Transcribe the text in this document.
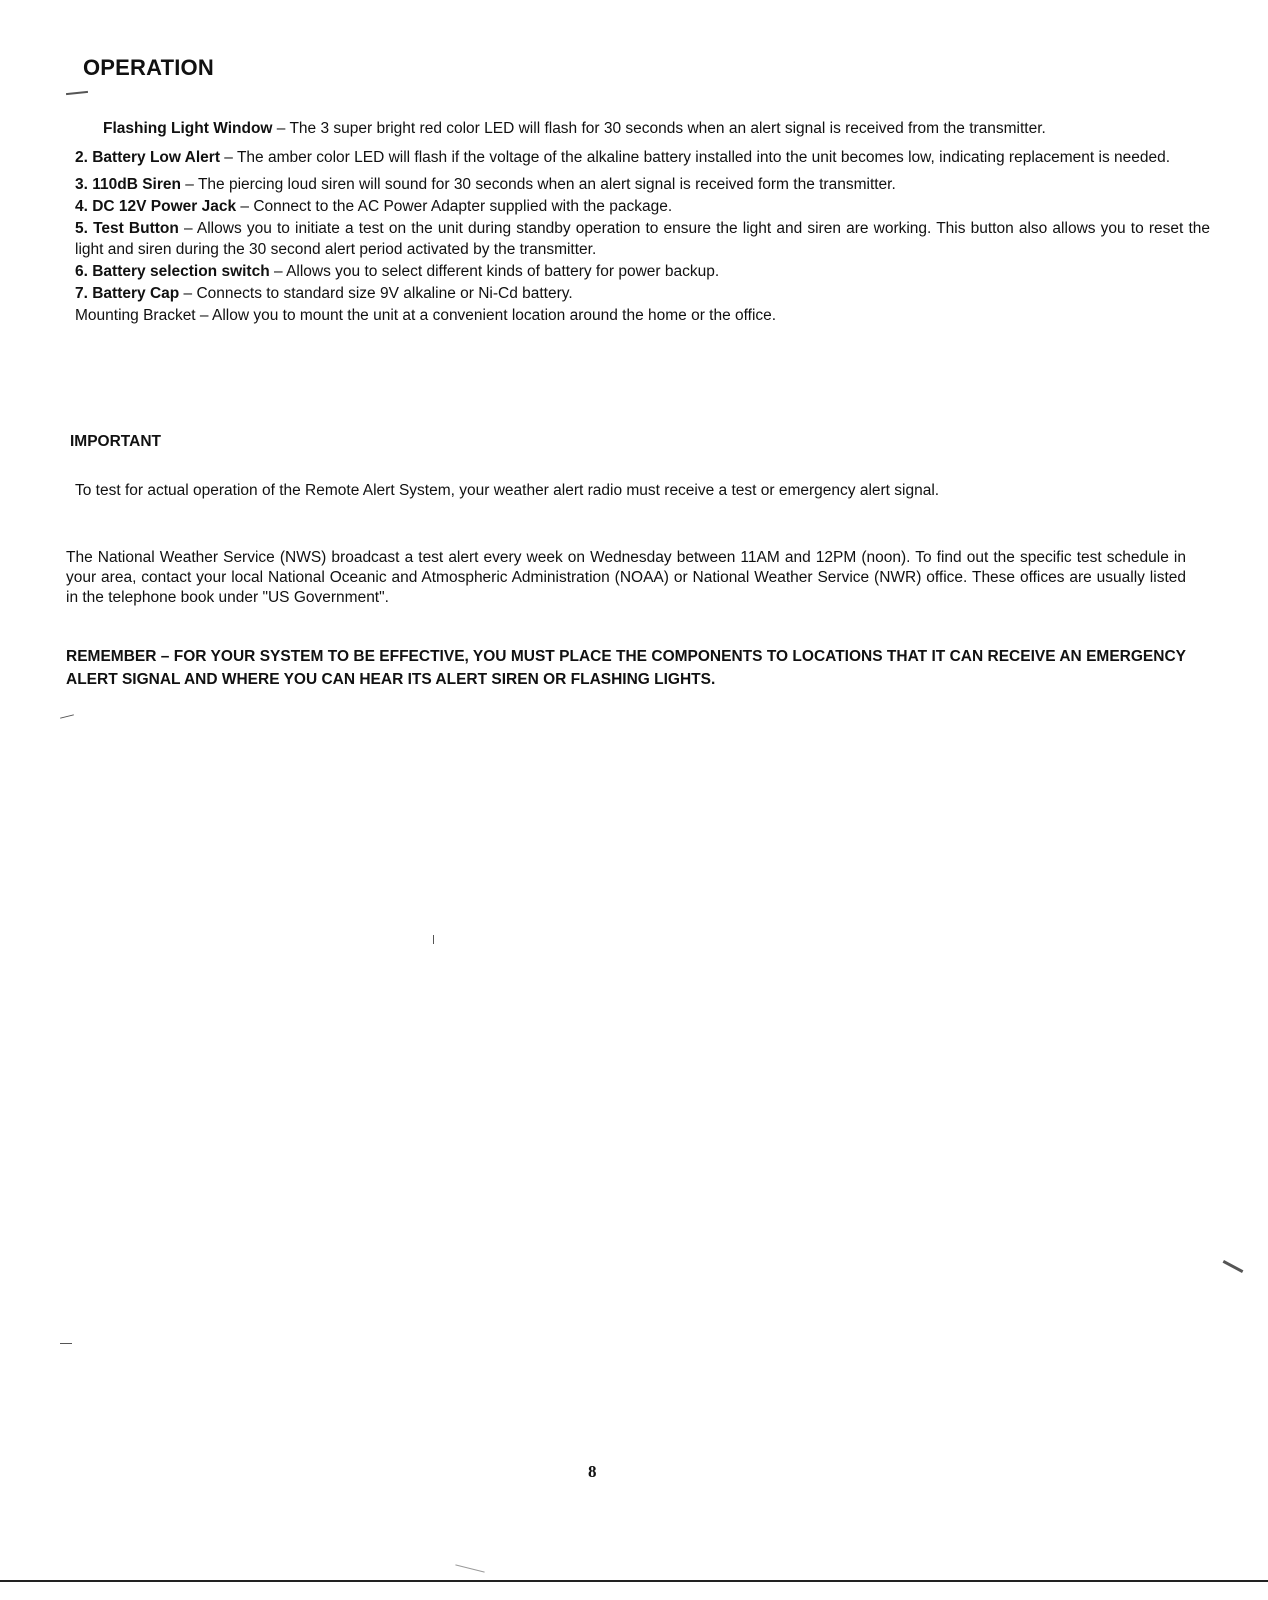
OPERATION

Flashing Light Window – The 3 super bright red color LED will flash for 30 seconds when an alert signal is received from the transmitter.

2. Battery Low Alert – The amber color LED will flash if the voltage of the alkaline battery installed into the unit becomes low, indicating replacement is needed.

3. 110dB Siren – The piercing loud siren will sound for 30 seconds when an alert signal is received form the transmitter.

4. DC 12V Power Jack – Connect to the AC Power Adapter supplied with the package.

5. Test Button – Allows you to initiate a test on the unit during standby operation to ensure the light and siren are working. This button also allows you to reset the light and siren during the 30 second alert period activated by the transmitter.

6. Battery selection switch – Allows you to select different kinds of battery for power backup.

7. Battery Cap – Connects to standard size 9V alkaline or Ni-Cd battery.

Mounting Bracket – Allow you to mount the unit at a convenient location around the home or the office.

IMPORTANT

To test for actual operation of the Remote Alert System, your weather alert radio must receive a test or emergency alert signal.

The National Weather Service (NWS) broadcast a test alert every week on Wednesday between 11AM and 12PM (noon). To find out the specific test schedule in your area, contact your local National Oceanic and Atmospheric Administration (NOAA) or National Weather Service (NWR) office. These offices are usually listed in the telephone book under "US Government".

REMEMBER – FOR YOUR SYSTEM TO BE EFFECTIVE, YOU MUST PLACE THE COMPONENTS TO LOCATIONS THAT IT CAN RECEIVE AN EMERGENCY ALERT SIGNAL AND WHERE YOU CAN HEAR ITS ALERT SIREN OR FLASHING LIGHTS.

8
